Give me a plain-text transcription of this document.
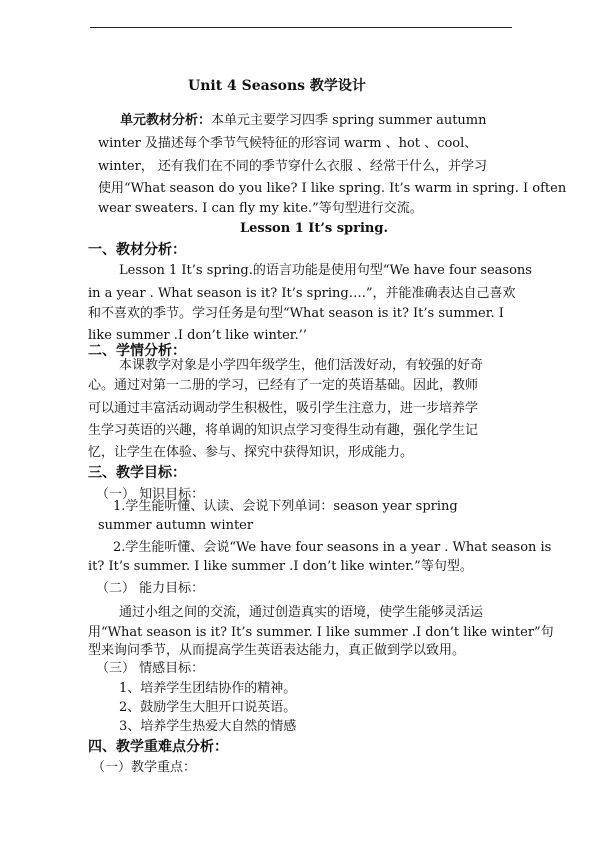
Unit 4 Seasons 教学设计
单元教材分析：本单元主要学习四季 spring summer autumn
winter 及描述每个季节气候特征的形容词 warm 、hot 、cool、
winter， 还有我们在不同的季节穿什么衣服 、经常干什么，并学习
使用“What season do you like? I like spring. It’s warm in spring. I often
wear sweaters. I can fly my kite.”等句型进行交流。
Lesson 1 It’s spring.
一、教材分析：
Lesson 1 It’s spring.的语言功能是使用句型“We have four seasons
in a year . What season is it? It’s spring….”，并能准确表达自己喜欢
和不喜欢的季节。学习任务是句型“What season is it? It’s summer. I
like summer .I don’t like winter.’’
二、学情分析：
本课教学对象是小学四年级学生，他们活泼好动，有较强的好奇
心。通过对第一二册的学习，已经有了一定的英语基础。因此，教师
可以通过丰富活动调动学生积极性，吸引学生注意力，进一步培养学
生学习英语的兴趣，将单调的知识点学习变得生动有趣，强化学生记
忆，让学生在体验、参与、探究中获得知识，形成能力。
三、教学目标：
（一） 知识目标：
1.学生能听懂、认读、会说下列单词：season year spring
summer autumn winter
2.学生能听懂、会说“We have four seasons in a year . What season is
it? It’s summer. I like summer .I don’t like winter.”等句型。
（二） 能力目标：
通过小组之间的交流，通过创造真实的语境，使学生能够灵活运
用“What season is it? It’s summer. I like summer .I don’t like winter”句
型来询问季节，从而提高学生英语表达能力，真正做到学以致用。
（三） 情感目标：
1、培养学生团结协作的精神。
2、鼓励学生大胆开口说英语。
3、培养学生热爱大自然的情感
四、教学重难点分析：
（一）教学重点：
